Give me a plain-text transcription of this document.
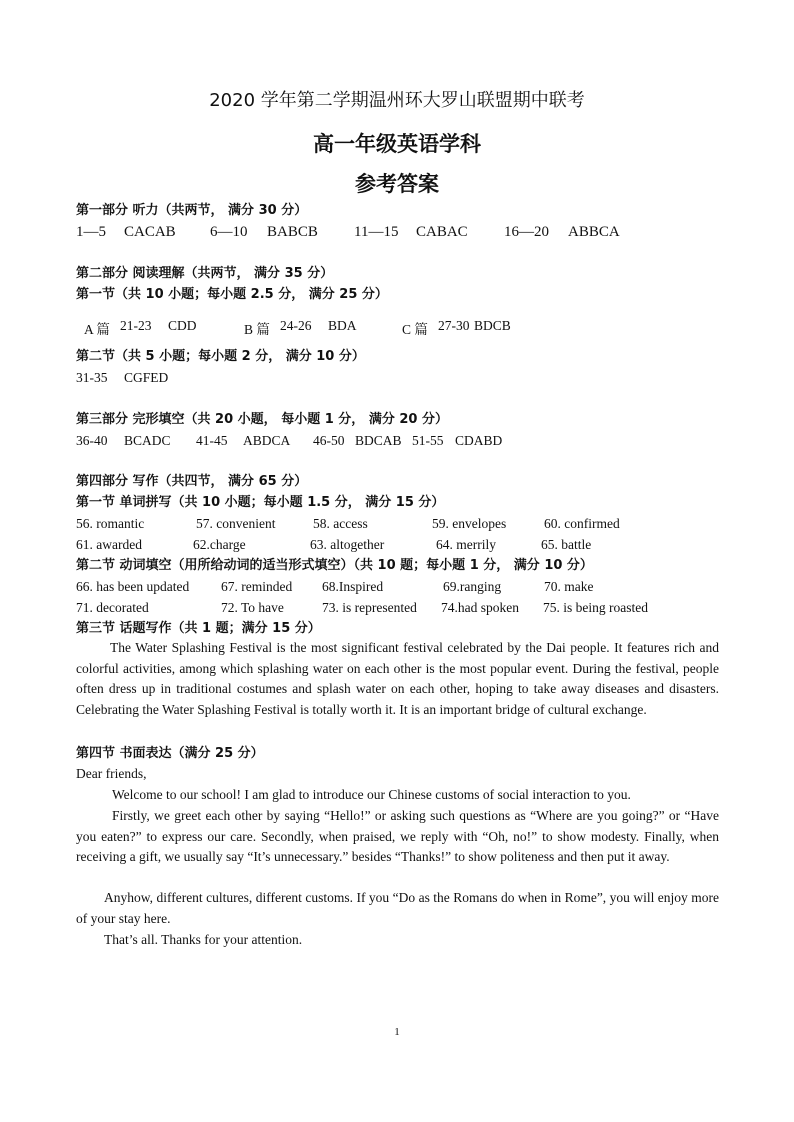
2020 学年第二学期温州环大罗山联盟期中联考
高一年级英语学科
参考答案
第一部分 听力（共两节， 满分 30 分）
1—5 CACAB 6—10 BABCB 11—15 CABAC 16—20 ABBCA
第二部分 阅读理解（共两节， 满分 35 分）
第一节（共 10 小题；每小题 2.5 分， 满分 25 分）
A 篇 21-23 CDD	B 篇 24-26 BDA	C 篇 27-30 BDCB
第二节（共 5 小题；每小题 2 分， 满分 10 分）
31-35 CGFED
第三部分 完形填空（共 20 小题， 每小题 1 分， 满分 20 分）
36-40 BCADC 41-45 ABDCA 46-50 BDCAB 51-55 CDABD
第四部分 写作（共四节， 满分 65 分）
第一节 单词拼写（共 10 小题；每小题 1.5 分， 满分 15 分）
56. romantic	57. convenient	58. access	59. envelopes	60. confirmed
61. awarded	62.charge	63. altogether	64. merrily	65. battle
第二节 动词填空（用所给动词的适当形式填空）（共 10 题；每小题 1 分， 满分 10 分）
66. has been updated 67. reminded 68.Inspired	69.ranging	70. make
71. decorated	72. To have	73. is represented 74.had spoken 75. is being roasted
第三节 话题写作（共 1 题；满分 15 分）
The Water Splashing Festival is the most significant festival celebrated by the Dai people. It features rich and colorful activities, among which splashing water on each other is the most popular event. During the festival, people often dress up in traditional costumes and splash water on each other, hoping to take away diseases and disasters. Celebrating the Water Splashing Festival is totally worth it. It is an important bridge of cultural exchange.
第四节 书面表达（满分 25 分）
Dear friends,
Welcome to our school! I am glad to introduce our Chinese customs of social interaction to you.
Firstly, we greet each other by saying “Hello!” or asking such questions as “Where are you going?” or “Have you eaten?” to express our care. Secondly, when praised, we reply with “Oh, no!” to show modesty. Finally, when receiving a gift, we usually say “It’s unnecessary.” besides “Thanks!” to show politeness and then put it away.
Anyhow, different cultures, different customs. If you “Do as the Romans do when in Rome”, you will enjoy more of your stay here.
That’s all. Thanks for your attention.
1
